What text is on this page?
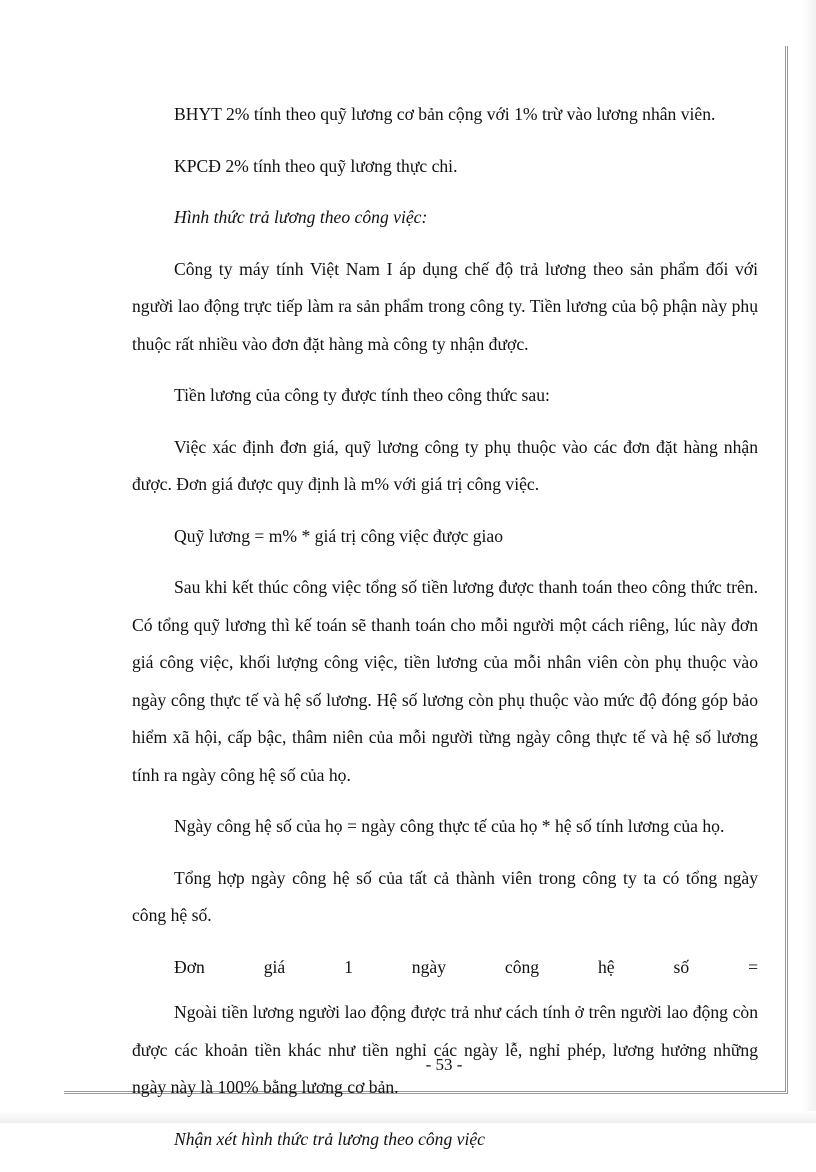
BHYT 2% tính theo quỹ lương cơ bản cộng với 1% trừ vào lương nhân viên.

KPCĐ 2% tính theo quỹ lương thực chi.

Hình thức trả lương theo công việc:

Công ty máy tính Việt Nam I áp dụng chế độ trả lương theo sản phẩm đối với người lao động trực tiếp làm ra sản phẩm trong công ty. Tiền lương của bộ phận này phụ thuộc rất nhiều vào đơn đặt hàng mà công ty nhận được.

Tiền lương của công ty được tính theo công thức sau:

Việc xác định đơn giá, quỹ lương công ty phụ thuộc vào các đơn đặt hàng nhận được. Đơn giá được quy định là m% với giá trị công việc.

Quỹ lương = m% * giá trị công việc được giao

Sau khi kết thúc công việc tổng số tiền lương được thanh toán theo công thức trên. Có tổng quỹ lương thì kế toán sẽ thanh toán cho mỗi người một cách riêng, lúc này đơn giá công việc, khối lượng công việc, tiền lương của mỗi nhân viên còn phụ thuộc vào ngày công thực tế và hệ số lương. Hệ số lương còn phụ thuộc vào mức độ đóng góp bảo hiểm xã hội, cấp bậc, thâm niên của mỗi người từng ngày công thực tế và hệ số lương tính ra ngày công hệ số của họ.

Ngày công hệ số của họ = ngày công thực tế của họ * hệ số tính lương của họ.

Tổng hợp ngày công hệ số của tất cả thành viên trong công ty ta có tổng ngày công hệ số.

Đơn giá 1 ngày công hệ số =

Ngoài tiền lương người lao động được trả như cách tính ở trên người lao động còn được các khoản tiền khác như tiền nghỉ các ngày lễ, nghỉ phép, lương hưởng những ngày này là 100% bằng lương cơ bản.

Nhận xét hình thức trả lương theo công việc

- 53 -
